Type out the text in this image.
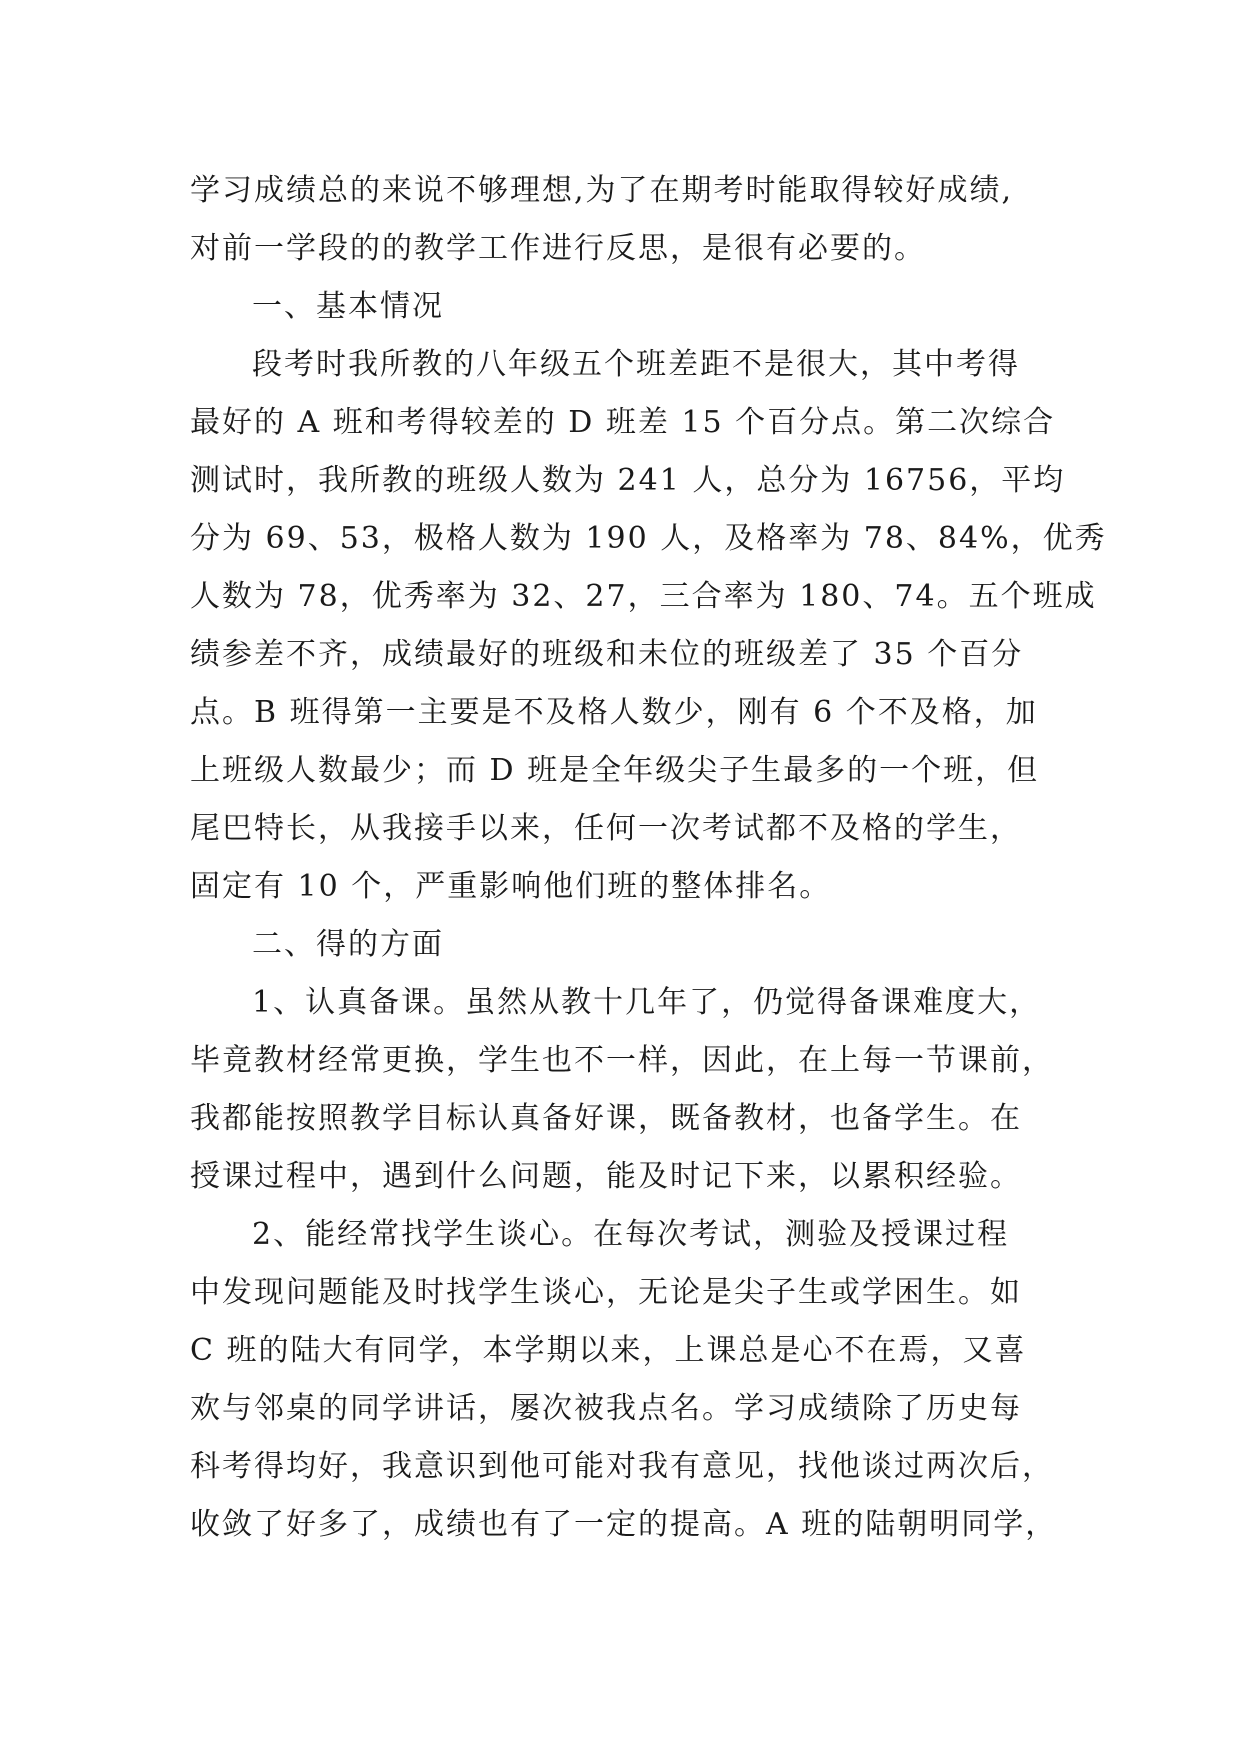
学习成绩总的来说不够理想,为了在期考时能取得较好成绩,
对前一学段的的教学工作进行反思，是很有必要的。
一、基本情况
段考时我所教的八年级五个班差距不是很大，其中考得
最好的 A 班和考得较差的 D 班差 15 个百分点。第二次综合
测试时，我所教的班级人数为 241 人，总分为 16756，平均
分为 69、53，极格人数为 190 人，及格率为 78、84%，优秀
人数为 78，优秀率为 32、27，三合率为 180、74。五个班成
绩参差不齐，成绩最好的班级和未位的班级差了 35 个百分
点。B 班得第一主要是不及格人数少，刚有 6 个不及格，加
上班级人数最少；而 D 班是全年级尖子生最多的一个班，但
尾巴特长，从我接手以来，任何一次考试都不及格的学生，
固定有 10 个，严重影响他们班的整体排名。
二、得的方面
1、认真备课。虽然从教十几年了，仍觉得备课难度大，
毕竟教材经常更换，学生也不一样，因此，在上每一节课前，
我都能按照教学目标认真备好课，既备教材，也备学生。在
授课过程中，遇到什么问题，能及时记下来，以累积经验。
2、能经常找学生谈心。在每次考试，测验及授课过程
中发现问题能及时找学生谈心，无论是尖子生或学困生。如
C 班的陆大有同学，本学期以来，上课总是心不在焉，又喜
欢与邻桌的同学讲话，屡次被我点名。学习成绩除了历史每
科考得均好，我意识到他可能对我有意见，找他谈过两次后，
收敛了好多了，成绩也有了一定的提高。A 班的陆朝明同学，
